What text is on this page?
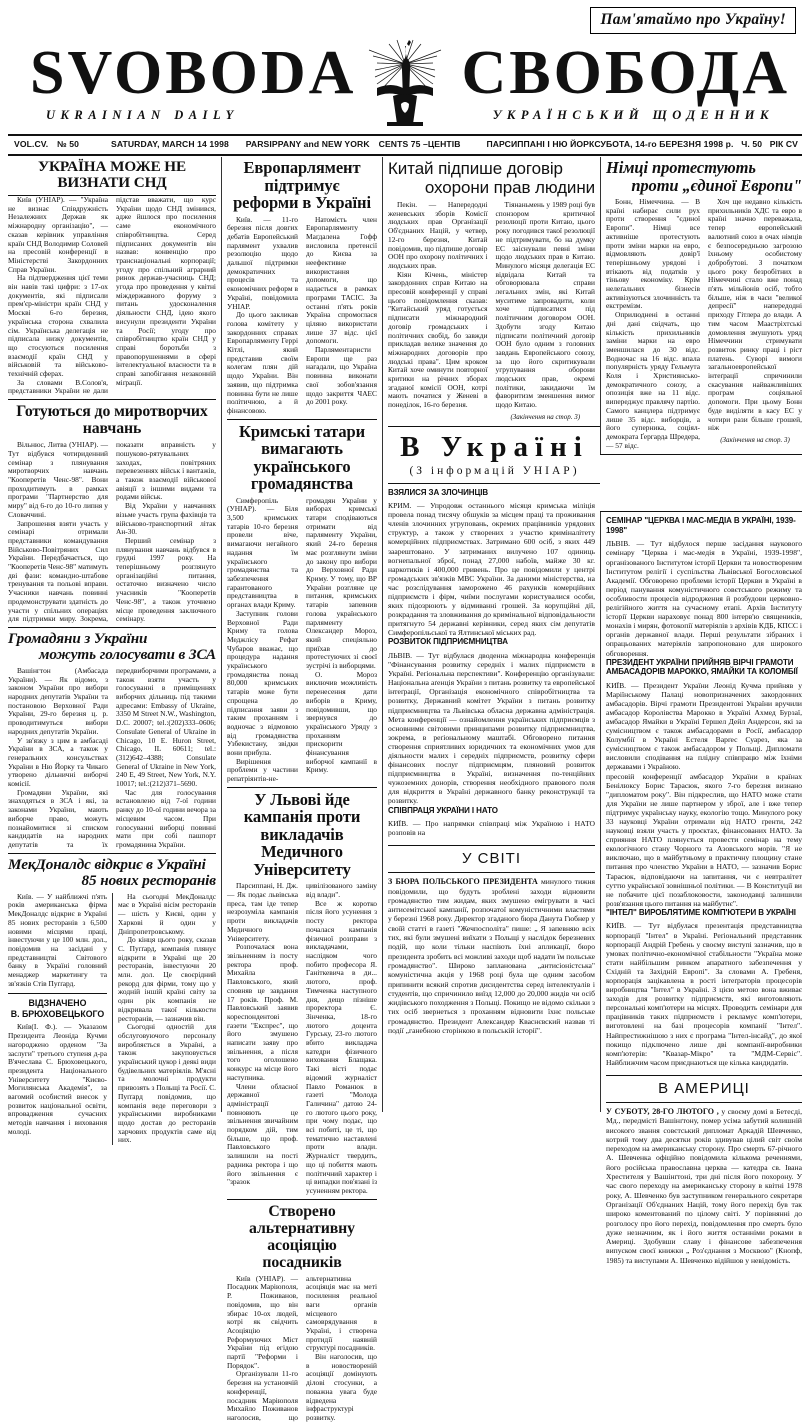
Пам'ятаймо про Україну!
SVOBODA СВОБОДА
UKRAINIAN DAILY	УКРАЇНСЬКИЙ ЩОДЕННИК
VOL.CV.	№ 50	SATURDAY, MARCH 14 1998	PARSIPPANY and NEW YORK	CENTS 75 –ЦЕНТІВ	ПАРСИППАНІ І НЮ ЙОРК СУБОТА, 14-го БЕРЕЗНЯ 1998 р. Ч. 50 РІК CV
УКРАЇНА МОЖЕ НЕ ВИЗНАТИ СНД

Київ (УНІАР). — "Україна не визнає Співдружність Незалежних Держав як міжнародну організацію", — сказав керівник управління країн СНД Володимир Соловей на пресовій конференції в Міністерстві Закордонних Справ України.

На підтвердження цієї теми він навів такі цифри: з 17-ох документів, які підписали прем'єр-міністри країн СНД у Москві 6-го березня, українська сторона схвалила сім. Українська делегація не підписала низку документів, що стосуються посилення взаємодії країн СНД у військовій та військово-технічній сферах.

За словами В.Солов'я, представники України не дали підстав вважати, що курс України щодо СНД змінився, адже йшлося про посилення саме економічного співробітництва. Серед підписаних документів він назвав: конвенцію про транснаціональні корпорації; угоду про спільний аграрний ринок держав-учасниць СНД; угода про проведення у квітні міждержавного форуму з питань удосконалення діяльности СНД, ідею якого висунули президенти України та Росії; угоду про співробітництво країн СНД у справі боротьби з правопорушеннями в сфері інтелектуальної власности та в справі запобігання незаконній міґрації.

Готуються до миротворчих навчань

Вільнюс, Литва (УНІАР). — Тут відбувся чотириденний семінар з плянування миротворчих навчань "Кооперетів Ченс-98". Вони проходитимуть в рамках програми "Партнерство для миру" від 6-го до 10-го липня у Словаччині.

Запрошення взяти участь у семінарі отримали представники командування Військово-Повітряних Сил України. Передбачається, що "Кооперетів Ченс-98" матимуть дві фази: командно-штабове тренування та польові вправи. Учасники навчань повинні продемонструвати здатність до участи у спільних операціях для підтримки миру. Зокрема, показати вправність у пошуково-рятувальних заходах, повітряних перевезеннях військ і вантажів, а також взаємодії військової авіяції з іншими видами та родами військ.

Від України у навчаннях візьме участь група фахівців та військово-транспортний літак Ан-30.

Перший семінар з плянування навчань відбувся в грудні 1997 року. На теперішньому розглянуто організаційні питання, остаточно визначено число учасників "Кооперетів Ченс-98", а також уточнено місце проведення заключного семінару.

Громадяни з України
можуть голосувати в ЗСА

Вашінгтон (Амбасада України). — Як відомо, з законом України про вибори народних депутатів України та постановою Верховної Ради України, 29-го березня ц. р. проводитимуться вибори народних депутатів України.

У зв'язку з цим в амбасаді України в ЗСА, а також у генеральних консульствах України в Ню Йорку та Чикаґо утворено дільничні виборчі комісії.

Громадяни України, які знаходяться в ЗСА і які, за законами України, мають виборче право, можуть познайомитися зі списком кандидатів на народних депутатів та їх передвиборчими програмами, а також взяти участь у голосуванні в приміщеннях виборчих дільниць під такими адресами: Embassy of Ukraine, 3350 M Street N.W., Washington, D.C. 20007; tel.:(202)333–0606; Consulate General of Ukraine in Chicago, 10 E. Huron Street, Chicago, IL 60611; tel.: (312)642–4388; Consulate General of Ukraine in New York, 240 E, 49 Street, New York, N.Y. 10017; tel.:(212)371–5690.

Час для голосування встановлено від 7-ої години ранку до 10-ої години вечора за місцевим часом. При голосуванні виборці повинні мати при собі пашпорт громадянина України.

МекДоналдс відкриє в Україні
85 нових ресторанів

Київ. — У найближчі п'ять років американська фірма МекДоналдс відкриє в Україні 85 нових ресторанів з 6,500 новими місцями праці, інвестуючи у це 100 млн. дол., повідомив на засідані у представництві Світового банку в Україні головний менаджер маркетингу та зв'язків Стів Пуґґард.

ВІДЗНАЧЕНО
В. БРЮХОВЕЦЬКОГО

Київ(І. Ф.). — Указазом Президента Леоніда Кучми нагороджено орденом "За заслуги" третього ступеня д-ра В'ячеслава С. Брюховецького, президента Національного Університету "Києво-Могилянська Академія", за вагомий особистий внесок у розвиток національної освіти, впровадження сучасних методів навчання і виховання молоді.

На сьогодні МекДоналдс має в Україні вісім ресторанів — шість у Києві, один у Харкові й один у Дніпропетровському.

До кінця цього року, сказав С. Пуґґард, компанія плянує відкрити в Україні ще 20 ресторанів, інвестуючи 20 млн. дол. Це своєрідний рекорд для фірми, тому що у жодній іншій країні світу за один рік компанія не відкривала такої кількости ресторанів, — зазначив він.

Сьогодні одностій для обслуговуючого персоналу виробляється в Україні, а також закуповується український цукор і деякі види будівельних матеріялів. М'ясні та молочні продукти привозять з Польщі та Росії. С. Пуґґард повідомив, що компанія веде переговори з українськими виробниками щодо достав до ресторанів харчових продуктів саме від них.

Европарлямент підтримує
реформи в Україні

Київ. — 11-го березня після довгих дебатів Европейський парлямент ухвалив резолюцію щодо дальшої підтримки демократичних процесів та економічних реформ в Україні, повідомила УНІАР.

До цього закликав голова комітету у закордонних справах Европарляменту Геррі Кітлі, який представив своїм колегам плян дій щодо України. Він заявив, що підтримка повинна бути не лише політичною, а й фінансовою.

Натомість член Европарляменту Маґдалена Гофф висловила претенсії до Києва за неефективне використання допомоги, що надається в рамках програми ТАСІС. За останні п'ять років Україна спромоглася ціляно використати лише 37 відс. цієї допомоги.

Парляментаристи Европи ще раз нагадали, що Україна повинна виконати свої зобов'язання щодо закриття ЧАЕС до 2001 року.

Кримські татари вимагають
українського громадянства

Симферопіль (УНІАР). — Біля 3,500 кримських татарів 10-го березня провели віче, вимагаючи негайного надання їм українського громадянства та забезпечення гарантованого представництва в органах влади Криму.

Заступник голови Верховної Ради Криму та голова Меджлісу Рефат Чубаров вважає, що процедура надання українського громадянства понад 80,000 кримських татарів може бути спрощена до підписання заяви з таким проханням і водночас з відмовою від громадянства Узбекистану, звідки вони прибула.

Вирішення проблеми у частини репатріянтів-не-громадян України у виборах кримські татари сподіваються отримати від парляменту України, який 24-го березня має розглянути зміни до закону про вибори до Верховної Ради Криму. У тому, що ВР України розгляне це питання, кримських татарів запевнив голова українського парляменту Олександер Мороз, який спеціяльно приїхав до протестуючих зі своєї зустрічі із виборцями.

О. Мороз виключив можливість перенесення дати виборів в Криму, повідомивши, що звернувся до українського Уряду з проханням прискорити фінансування виборчої кампанії в Криму.

У Львові йде кампанія проти
викладачів Медичного Університету

Парсиппані, Н. Дж. — Як подає львівська преса, там іде тепер незрозуміла кампанія проти викладачів Медичного Університету.

Розпочалася вона звільненням із посту ректора проф. Михайла Павловського, який сповняв це завдання 17 років. Проф. М. Павловський заявив кореспондентові газети "Експрес", що його змушено написати заяву про звільнення, а після того оголошено конкурс на місце його наступника.

Члени обласної державної адміністрації повновють це звільнення звичайним порядком дій, тим більше, що проф. Павловського залишили на пості радника ректора і що його звільнення є "зразок цивілізованого заміну від влади".

Все ж коротко після його усунення з посту ректора почалася кампанія фізичної розправи з викладачами, наслідком чого побито професора Я. Ганіткевича в ди... лютого, проф. Тимченка наступного дня, дещо пізніше проректора Є. Зінченка, 18-го лютого доцента Гурську, 23-го лютого вбито викладача катедри фізичного виховання Блащака. Такі вісті подає відомий журналіст Павло Романюк в газеті "Молода Галичина" датою 24-го лютого цього року, при чому подає, що всі побиті, це ті, що тематично наставлені проти влади. Журналіст твердить, що ці побиття мають політичний характер і ці випадки пов'язані із усуненням ректора.

Створено альтернативну асоціяцію посадників

Київ (УНІАР). — Посадник Маріюполя, Р. Поживанов, повідомив, що він збирає 10-ох людей, котрі як свідчить Асоціяцію Реформуючих Міст України під егідою партії "Реформи і Порядок".

Організували 11-го березня на установчій конференції, посадник Маріюполя Михайло Поживанов наголосив, що альтернативна асоціяція має на меті посилення реальної ваги органів місцевого самоврядування в Україні, і створена протидії наявній структурі посадників.

Він наголосив, що в новоствореній асоціяції домінують ділові стосунки, а поважна увага буде відведена інфраструктурі розвитку.

Китай підпише договір
охорони прав людини

Пекін. — Напередодні женевських зборів Комісії людських прав Організації Об'єднаних Націй, у четвер, 12-го березня, Китай повідомив, що підпише договір ООН про охорону політичних і людських прав.

Кіян Кічень, міністер закордонних справ Китаю на пресовій конференції у справі цього повідомлення сказав: "Китайський уряд готується підписати міжнародний договір громадських і політичних свобід, бо завжди прикладав велике значення до міжнародних договорів про людські права". Цим кроком Китай хоче оминути повторної критики на річних зборах згаданої комісії ООН, котрі мають початися у Женеві в понеділок, 16-го березня.

Тіянаньмень у 1989 році був спонзором критичної резолюції проти Китаю, цього року погодився такої резолюції не підтримувати, бо на думку ЕС заіснували певні зміни щодо людських прав в Китаю. Минулого місяця делегація ЕС відвідала Китай та обговорювала справи легальних змін, які Китай муситиме запровадити, коли хоче підписатися під політичним договором ООН. Здобути згоду Китаю підписати політичний договір ООН було одним з головних завдань Европейського союзу, за що його скритикували угрупування оборони людських прав, окремі політики, закидаючи їм фаворитизм зменшення вимог щодо Китаю.

(Закінчення на стор. 3)

В Україні
(З інформацій УНІАР)
ВЗЯЛИСЯ ЗА ЗЛОЧИНЦІВ

КРИМ. — Упродовж останнього місяця кримська міліція провела понад тисячу обшуків за місцем праці та проживання членів злочинних угруповань, окремих працівників урядових структур, а також у створених з участю криміналітету комерційних підприємствах. Затримано 600 осіб, з яких 449 заарештовано. У затриманих вилучено 107 одиниць вогнепальної зброї, понад 27,000 набоїв, майже 30 кг. наркотиків і 400,000 гривень. Про це повідомили у центрі громадських зв'язків МВС України. За даними міністерства, на час розслідування заморожено 46 рахунків комерційних підприємств і фірм, чиїми послугами користувалися особи, яких підозрюють у відмиванні грошей. За корупційні дії, розкрадання та зловживання до кримінальної відповідальности притягнуто 54 державні керівники, серед яких сім депутатів Симферопільської та Ялтинської міських рад.

РОЗВИТОК ПІДПРИЄМНИЦТВА

ЛЬВІВ. — Тут відбулася дводенна міжнародна конференція "Фінансування розвитку середніх і малих підприємств в Україні. Реґіональна перспективи". Конференцію організували: Національна аґенція України з питань розвитку та европейської інтеґрації, Організація економічного співробітництва та розвитку, Державний комітет України з питань розвитку підприємництва та Львівська обласна державна адміністрація. Мета конференції — ознайомлення українських підприємців з основними світовими принципами розвитку підприємництва, зокрема, в реґіональному маштабі. Обговорено питання створення сприятливих юридичних та економічних умов для діяльности малих і середніх підприємств, розвитку сфери фінансових послуг підприємцям, пляновий розвиток підприємництва в Україні, визначення по-тенційних чужоземних донорів, створення необхідного правового поля для відкриття в Україні державного банку реконструкції та розвитку.

СПІВПРАЦЯ УКРАЇНИ І НАТО

КИЇВ. — Про напрямки співпраці між Україною і НАТО розповів на

У СВІТІ

З БЮРА ПОЛЬСЬКОГО ПРЕЗИДЕНТА минулого тижня повідомили, що будуть зроблені заходи відновити громадянство тим жидам, яких змушено емігрувати в часі антисемітської кампанії, розпочатої комуністичними властями у березні 1968 року. Директор згаданого бюра Данута Гюбнер у своїй статті в газеті "Жечпосполіта" пише: „ Я запевняю всіх тих, які були змушені виїхати з Польщі у наслідок березневих подій, що коли тільки наспіють їхні апликації, бюро президента зробить всі можливі заходи щоб надати їм польське громадянство". Широко запланована „антисіоністська" комуністична акція у 1968 році була ще одним засобом припинити всякий спротив дисидентства серед інтелектуалів і студентів, що спричинило виїзд 12,000 до 20,000 жидів чи осіб жидівського походження з Польщі. Покищо не відомо скільки з тих осіб звернеться з проханням відновити їхнє польське громадянство. Президент Александер Кваснєвский назвав ті події „ганебною сторінкою в польській історії".

Німці протестують
проти „єдиної Европи"

Бонн, Німеччина. — В країні набирає сили рух проти створення "єдиної Европи". Німці все активніше протестують проти зміни марки на евро, відмовляють довір'ї теперішньому урядові і втікають від податків у тіньову економіку. Крім нелеґальних бізнесів активізуються злочинність та екстремізм.

Оприлюднені в останні дні дані свідчать, що кількість прихильників заміни марки на евро зменшилася до 30 відс. Водночас на 16 відс. впала популярність уряду Гельмута Коля і Християнсько-демократичного союзу, а опозиція вже на 11 відс. випереджує правлячу партію. Самого канцлера підтримує лише 35 відс. виборців, а його суперника, соціял-демократа Ґергарда Шредера, — 57 відс.

Хоч ще недавно кількість прихильників ХДС та евро в країні значно переважала, тепер европейський валютний союз в очах німців є безпосередньою загрозою їхньому особистому добробутові. З початком цього року безробітних в Німеччині стало вже понад п'ять мільйонів осіб, тобто більше, ніж в часи "великої депресії" напередодні приходу Гітлера до влади. А тим часом Маастріхтські домовлення змушують уряд Німеччини стримувати розвиток ринку праці і ріст платень. Суворі вимоги загальноевропейської інтеґрації спричинили скасування найважливіших програм соціяльної допомоги. При цьому Бонн буде виділяти в касу ЕС у чотири рази більше грошей, ніж

(Закінчення на стор. 3)

СЕМІНАР "ЦЕРКВА І МАС-МЕДІА В УКРАЇНІ, 1939-1998"

ЛЬВІВ. — Тут відбулося перше засідання наукового семінару "Церква і мас-медія в Україні, 1939-1998", організованого Інститутом історії Церкви та новоствореним Інститутом релігії і суспільства Львівської Богословської Академії. Обговорено проблеми історії Церкви в Україні в період панування комуністичного совєтського режиму та особливости процесів відродження й розбудови церковно-релігійного життя на сучасному етапі. Архів Інституту історії Церкви нараховує понад 800 інтерв'ю священиків, монахів і мирян, фотокопії матеріялів з архівів КДБ, КПСС і органів державної влади. Перші результати зібраних і опрацьованих матеріялів запропоновано для широкого обговорення.

ПРЕЗИДЕНТ УКРАЇНИ ПРИЙНЯВ ВІРЧІ ГРАМОТИ АМБАСАДОРІВ МАРОККО, ЯМАЙКИ ТА КОЛОМБІЇ

КИЇВ. — Президент України Леонід Кучма прийняв у Маріїнському Палаці новопризначених закордонних амбасадорів. Вірчі грамоти Президентові України вручили амбасадор Королівства Марокко в Україні Ахмед Бурзаї, амбасадор Ямайки в Україні Гершел Дейл Андерсон, які за сумісництвом є також амбасадорами в Росії, амбасадор Колумбії в Україні Естеля Варґес Суарез, яка за сумісництвом є також амбасадором у Польщі. Дипломати висловили сподівання на плідну співпрацю між їхніми державами і Україною.

пресовій конференції амбасадор України в країнах Бенілюксу Борис Тарасюк, якого 7-го березня визнано "дипломатом року". Він підкреслив, що НАТО може стати для України не лише партнером у зброї, але і вже тепер підтримує українську науку, екологію тощо. Минулого року 33 науковці України отримали від НАТО ґренти, 242 науковці взяли участь у проєктах, фінансованих НАТО. За сприяння НАТО плянується провести семінар на тему екологічного стану Чорного та Азовського морів. "Я не виключаю, що в майбутньому в практичну площину стане питання про членство України в НАТО, — зазначив Борис Тарасюк, відповідаючи на запитання, чи є невтралітет суттю української зовнішньої політики. — В Конституції ви не побачите цієї позаблоковости, законодавці залишили розв'язання цього питання на майбутнє".

"ІНТЕЛ" ВИРОБЛЯТИМЕ КОМП'ЮТЕРИ В УКРАЇНІ

КИЇВ. — Тут відбулася презентація представництва корпорації "Інтел" в Україні. Реґіональний представник корпорації Андрій Гребень у своєму виступі зазначив, що в умовах політично-економічної стабільности "Україна може стати найбільшим ринком апаратного забезпечення у Східній та Західній Европі". За словами А. Гребеня, корпорація зацікавлена в рості інтеґраторів процесорів виробництва "Інтел" в Україні. З цією метою вона вживає заходів для розвитку підприємств, які виготовляють персональні комп'ютери на місцях. Проводить семінари для працівників таких підприємств і рекламує комп'ютери, виготовлені на базі процесорів компанії "Інтел". Найпрестижнішою з них є програма "Інтел-інсайд", до якої покищо підключено лише дві компанії-виробники комп'ютерів: "Квазар-Мікро" та "МДМ-Сервіс". Найближчим часом приєднаються ще кілька кандидатів.

В АМЕРИЦІ

У СУБОТУ, 28-ГО ЛЮТОГО , у своєму домі в Бетесді, Мд., передмісті Вашінґтону, помер усіма забутий колишній високого звання совєтський дипломат Аркадій Шевченко, котрий тому два десятки років здивував цілий світ своїм переходом на американську сторону. Про смерть 67-річного А. Шевченка офіційно повідомила кількома реченнями, його російська православна церква — катедра св. Івана Хрестителя у Вашінґтоні, три дні після його похорону. У час свого переходу на американську сторону в квітні 1978 року, А. Шевченко був заступником генерального секретаря Організації Об'єднаних Націй, тому його перехід був так широко коментований по цілому світі. У порівнянні до розголосу про його перехід, повідомлення про смерть було дуже незначним, як і його життя останніми роками в Америці. Здобувши славу і фінансове забезпечення випуском своєї книжки „ Роз'єднання з Москвою" (Кнопф, 1985) та виступами А. Шевченко відійшов у невідомість.
